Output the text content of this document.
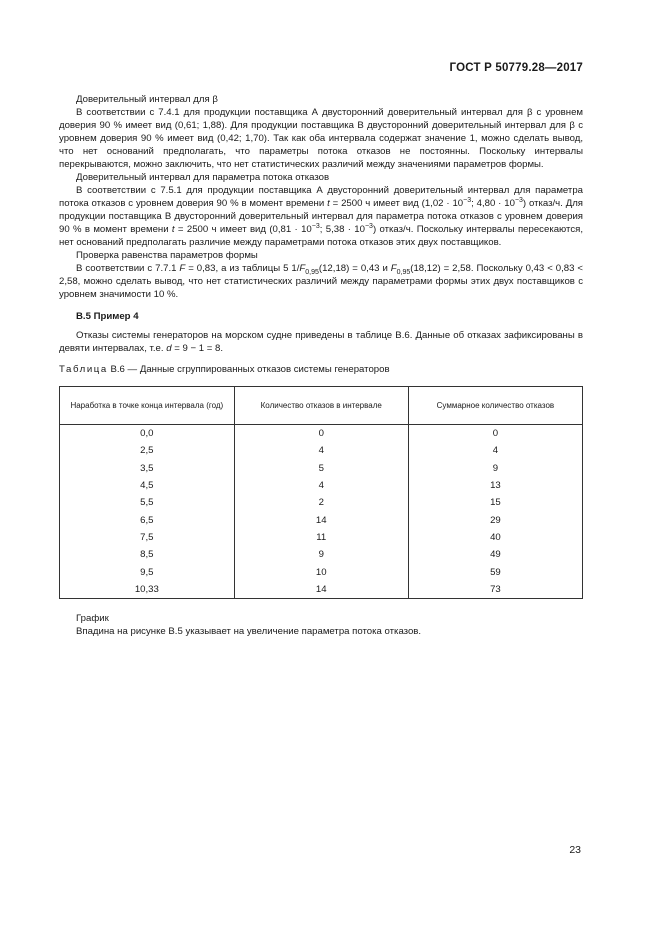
ГОСТ Р 50779.28—2017

Доверительный интервал для β

В соответствии с 7.4.1 для продукции поставщика А двусторонний доверительный интервал для β с уровнем доверия 90 % имеет вид (0,61; 1,88). Для продукции поставщика В двусторонний доверительный интервал для β с уровнем доверия 90 % имеет вид (0,42; 1,70). Так как оба интервала содержат значение 1, можно сделать вывод, что нет оснований предполагать, что параметры потока отказов не постоянны. Поскольку интервалы перекрываются, можно заключить, что нет статистических различий между значениями параметров формы.

Доверительный интервал для параметра потока отказов

В соответствии с 7.5.1 для продукции поставщика А двусторонний доверительный интервал для параметра потока отказов с уровнем доверия 90 % в момент времени t = 2500 ч имеет вид ($1,02 \cdot 10^{-3}$; $4,80 \cdot 10^{-3}$) отказ/ч. Для продукции поставщика В двусторонний доверительный интервал для параметра потока отказов с уровнем доверия 90 % в момент времени t = 2500 ч имеет вид ($0,81 \cdot 10^{-3}$; $5,38 \cdot 10^{-3}$) отказ/ч. Поскольку интервалы пересекаются, нет оснований предполагать различие между параметрами потока отказов этих двух поставщиков.

Проверка равенства параметров формы

В соответствии с 7.7.1 F = 0,83, а из таблицы 5 $1/F_{0,95}(12,18) = 0,43$ и $F_{0,95}(18,12) = 2,58$. Поскольку 0,43 < 0,83 < 2,58, можно сделать вывод, что нет статистических различий между параметрами формы этих двух поставщиков с уровнем значимости 10 %.

В.5 Пример 4

Отказы системы генераторов на морском судне приведены в таблице В.6. Данные об отказах зафиксированы в девяти интервалах, т.е. d = 9 − 1 = 8.

Таблица В.6 — Данные сгруппированных отказов системы генераторов

Наработка в точке конца интервала (год)	Количество отказов в интервале	Суммарное количество отказов
0,0	0	0
2,5	4	4
3,5	5	9
4,5	4	13
5,5	2	15
6,5	14	29
7,5	11	40
8,5	9	49
9,5	10	59
10,33	14	73

График

Впадина на рисунке В.5 указывает на увеличение параметра потока отказов.

23
